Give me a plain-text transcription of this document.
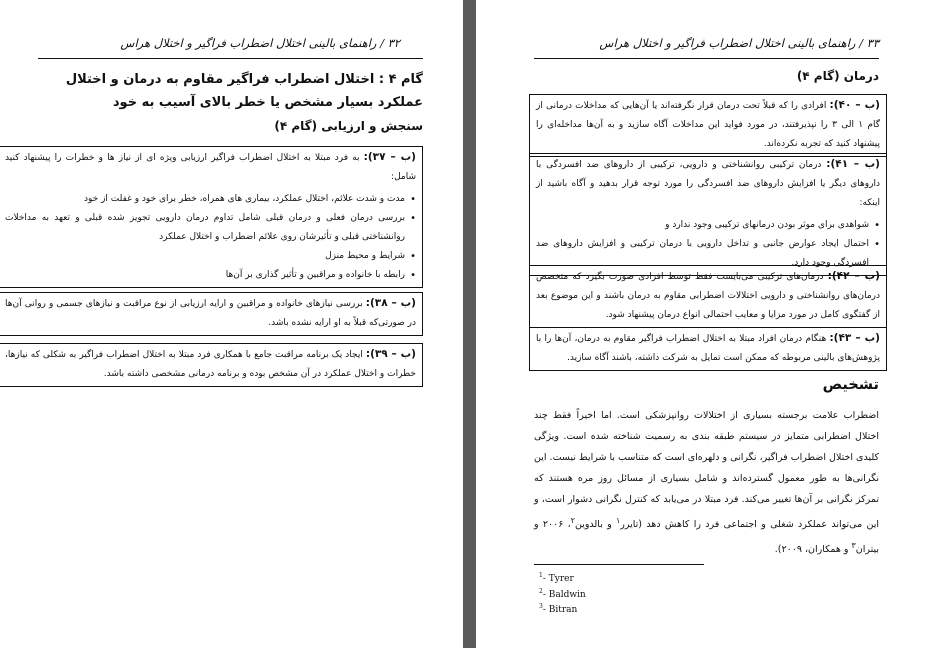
۳۲ / راهنمای بالینی اختلال اضطراب فراگیر و اختلال هراس
گام ۴ : اختلال اضطراب فراگیر مقاوم به درمان و اختلال عملکرد بسیار مشخص یا خطر بالای آسیب به خود
سنجش و ارزیابی (گام ۴)
(ب – ۳۷): به فرد مبتلا به اختلال اضطراب فراگیر ارزیابی ویژه ای از نیاز ها و خطرات را پیشنهاد کنید شامل:
• مدت و شدت علائم، اختلال عملکرد، بیماری های همراه، خطر برای خود و غفلت از خود
• بررسی درمان فعلی و درمان قبلی شامل تداوم درمان دارویی تجویز شده قبلی و تعهد به مداخلات روانشناختی قبلی و تأثیرشان روی علائم اضطراب و اختلال عملکرد
• شرایط و محیط منزل
• رابطه با خانواده و مراقبین و تأثیر گذاری بر آن‌ها
(ب – ۳۸): بررسی نیازهای خانواده و مراقبین و ارایه ارزیابی از نوع مراقبت و نیازهای جسمی و روانی آن‌ها در صورتی‌که قبلاً به او ارایه نشده باشد.
(ب – ۳۹): ایجاد یک برنامه مراقبت جامع با همکاری فرد مبتلا به اختلال اضطراب فراگیر به شکلی که نیازها، خطرات و اختلال عملکرد در آن مشخص بوده و برنامه درمانی مشخصی داشته باشد.
۳۳ / راهنمای بالینی اختلال اضطراب فراگیر و اختلال هراس
درمان (گام ۴)
(ب – ۴۰): افرادی را که قبلاً تحت درمان قرار نگرفته‌اند یا آن‌هایی که مداخلات درمانی از گام ۱ الی ۳ را نپذیرفتند، در مورد فواید این مداخلات آگاه سازید و به آن‌ها مداخله‌ای را پیشنهاد کنید که تجربه نکرده‌اند.
(ب – ۴۱): درمان ترکیبی روانشناختی و دارویی، ترکیبی از داروهای ضد افسردگی با داروهای دیگر یا افزایش داروهای ضد افسردگی را مورد توجه قرار بدهید و آگاه باشید از اینکه:
• شواهدی برای موثر بودن درمانهای ترکیبی وجود ندارد و
• احتمال ایجاد عوارض جانبی و تداخل دارویی با درمان ترکیبی و افزایش داروهای ضد افسردگی وجود دارد.
(ب – ۴۲): درمان‌های ترکیبی می‌بایست فقط توسط افرادی صورت بگیرد که متخصص درمان‌های روانشناختی و دارویی اختلالات اضطرابی مقاوم به درمان باشند و این موضوع بعد از گفتگوی کامل در مورد مزایا و معایب احتمالی انواع درمان پیشنهاد شود.
(ب – ۴۳): هنگام درمان افراد مبتلا به اختلال اضطراب فراگیر مقاوم به درمان، آن‌ها را با پژوهش‌های بالینی مربوطه که ممکن است تمایل به شرکت داشته، باشند آگاه سازید.
تشخیص
اضطراب علامت برجسته بسیاری از اختلالات روانپزشکی است. اما اخیراً فقط چند اختلال اضطرابی متمایز در سیستم طبقه بندی به رسمیت شناخته شده است. ویژگی کلیدی اختلال اضطراب فراگیر، نگرانی و دلهره‌ای است که متناسب با شرایط نیست. این نگرانی‌ها به طور معمول گسترده‌اند و شامل بسیاری از مسائل روز مره هستند که تمرکز نگرانی بر آن‌ها تغییر می‌کند. فرد مبتلا در می‌یابد که کنترل نگرانی دشوار است، و این می‌تواند عملکرد شغلی و اجتماعی فرد را کاهش دهد (تایرر$^۱$ و بالدوین$^۲$، ۲۰۰۶ و بیتران$^۳$ و همکاران، ۲۰۰۹).
$^1$- Tyrer
$^2$- Baldwin
$^3$- Bitran
